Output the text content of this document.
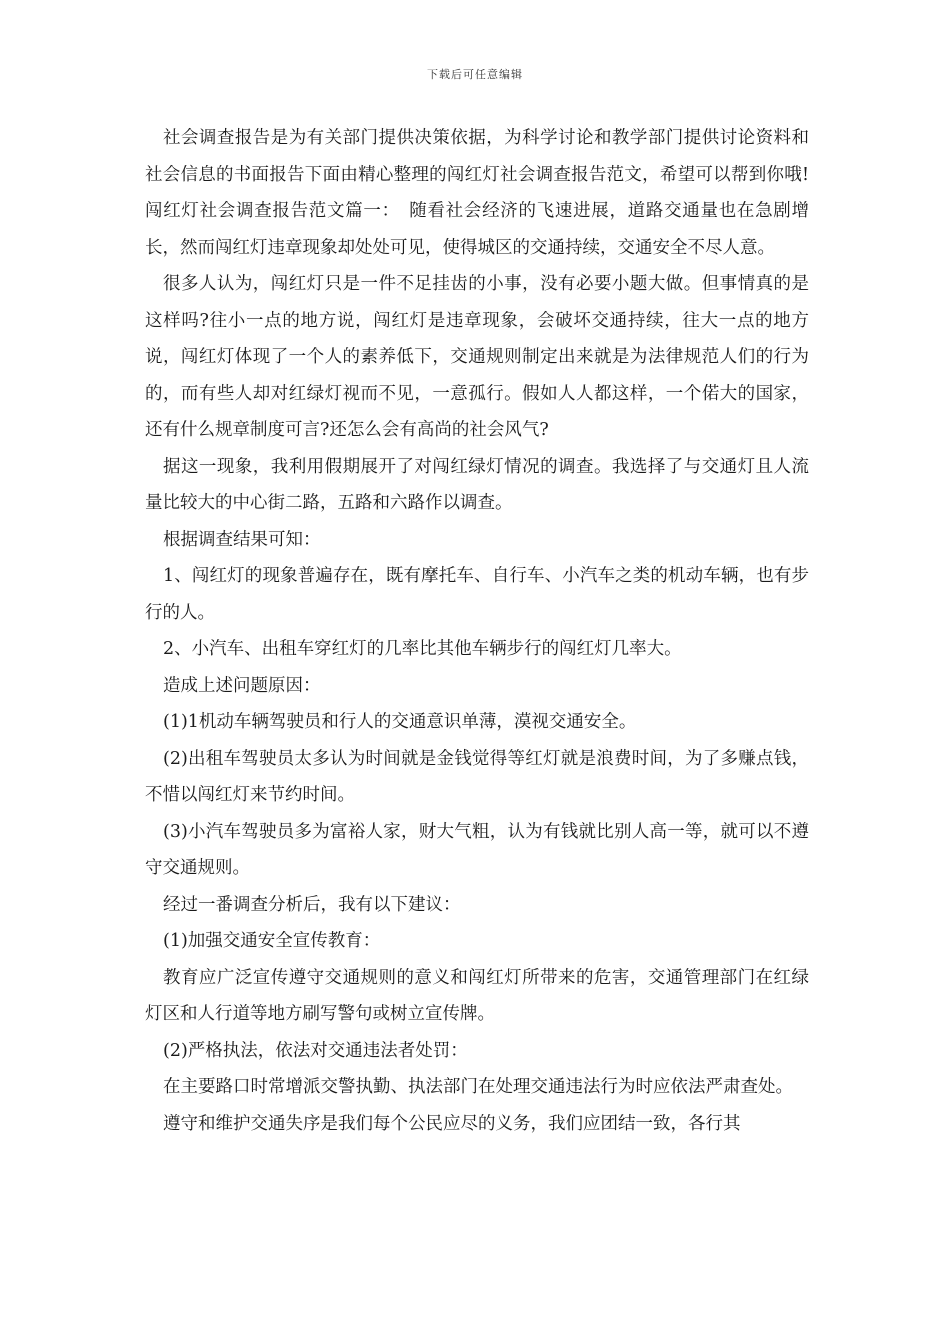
下载后可任意编辑

社会调查报告是为有关部门提供决策依据，为科学讨论和教学部门提供讨论资料和社会信息的书面报告下面由精心整理的闯红灯社会调查报告范文，希望可以帮到你哦!　　闯红灯社会调查报告范文篇一：　随看社会经济的飞速进展，道路交通量也在急剧增长，然而闯红灯违章现象却处处可见，使得城区的交通持续，交通安全不尽人意。

很多人认为，闯红灯只是一件不足挂齿的小事，没有必要小题大做。但事情真的是这样吗?往小一点的地方说，闯红灯是违章现象，会破坏交通持续，往大一点的地方说，闯红灯体现了一个人的素养低下，交通规则制定出来就是为法律规范人们的行为的，而有些人却对红绿灯视而不见，一意孤行。假如人人都这样，一个偌大的国家，还有什么规章制度可言?还怎么会有高尚的社会风气?

据这一现象，我利用假期展开了对闯红绿灯情况的调查。我选择了与交通灯且人流量比较大的中心街二路，五路和六路作以调查。

根据调查结果可知：

1、闯红灯的现象普遍存在，既有摩托车、自行车、小汽车之类的机动车辆，也有步行的人。

2、小汽车、出租车穿红灯的几率比其他车辆步行的闯红灯几率大。

造成上述问题原因：

(1)1机动车辆驾驶员和行人的交通意识单薄，漠视交通安全。

(2)出租车驾驶员太多认为时间就是金钱觉得等红灯就是浪费时间，为了多赚点钱，不惜以闯红灯来节约时间。

(3)小汽车驾驶员多为富裕人家，财大气粗，认为有钱就比别人高一等，就可以不遵守交通规则。

经过一番调查分析后，我有以下建议：

(1)加强交通安全宣传教育：

教育应广泛宣传遵守交通规则的意义和闯红灯所带来的危害，交通管理部门在红绿灯区和人行道等地方刷写警句或树立宣传牌。

(2)严格执法，依法对交通违法者处罚：

在主要路口时常增派交警执勤、执法部门在处理交通违法行为时应依法严肃查处。

遵守和维护交通失序是我们每个公民应尽的义务，我们应团结一致，各行其
